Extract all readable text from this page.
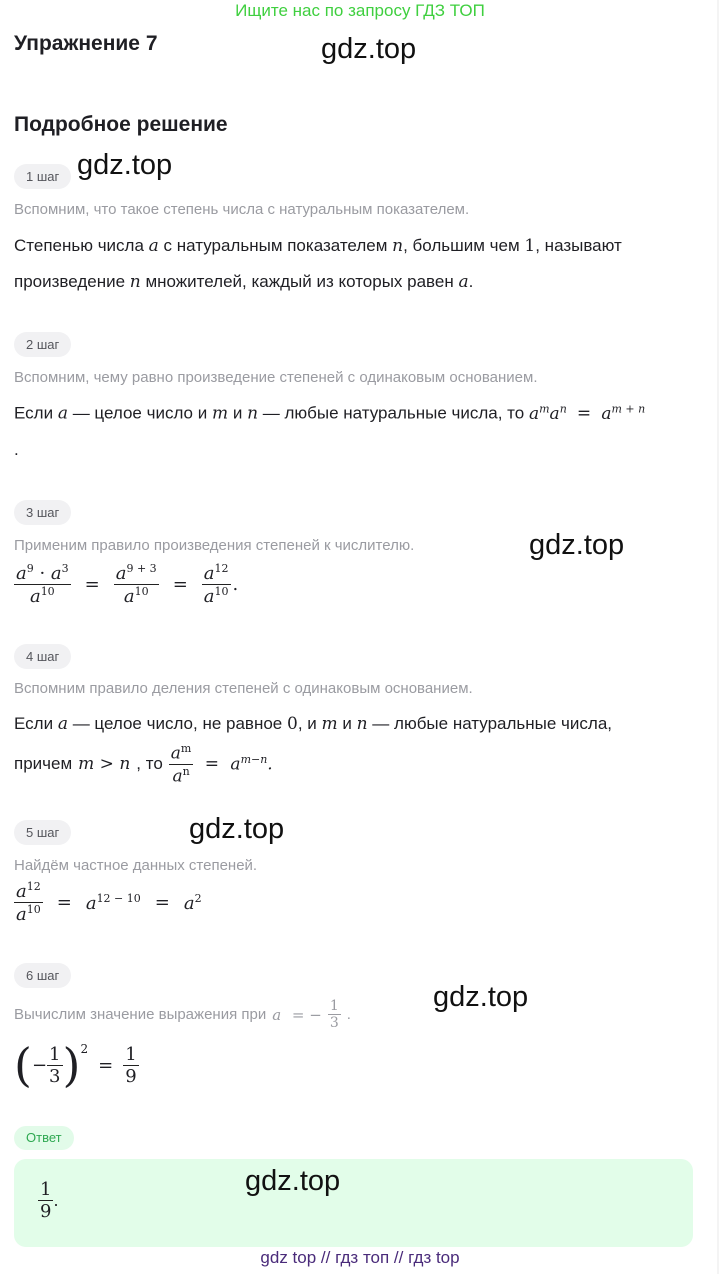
Ищите нас по запросу ГДЗ ТОП
Упражнение 7	gdz.top
Подробное решение
1 шаг gdz.top
Вспомним, что такое степень числа с натуральным показателем.
Степенью числа a с натуральным показателем n, большим чем 1, называют
произведение n множителей, каждый из которых равен a.
2 шаг
Вспомним, чему равно произведение степеней с одинаковым основанием.
Если a — целое число и m и n — любые натуральные числа, то $a^ma^n = a^{m + n}$
.
3 шаг
Применим правило произведения степеней к числителю.	gdz.top
$\frac{a^9 \cdot a^3}{a^{10}} = \frac{a^{9 + 3}}{a^{10}} = \frac{a^{12}}{a^{10}}$ .
4 шаг
Вспомним правило деления степеней с одинаковым основанием.
Если a — целое число, не равное 0, и m и n — любые натуральные числа,
причем m > n , то $\frac{a^m}{a^n} = a^{m-n}$.
5 шаг	gdz.top
Найдём частное данных степеней.
$\frac{a^{12}}{a^{10}} = a^{12 - 10} = a^2$
6 шаг
gdz.top
Вычислим значение выражения при a = − $\frac{1}{3}$ .
( − $\frac{1}{3} )^2$
= $\frac{1}{9}$
Ответ
$\frac{1}{9}$ .
gdz.top
gdz top // гдз топ // гдз top
